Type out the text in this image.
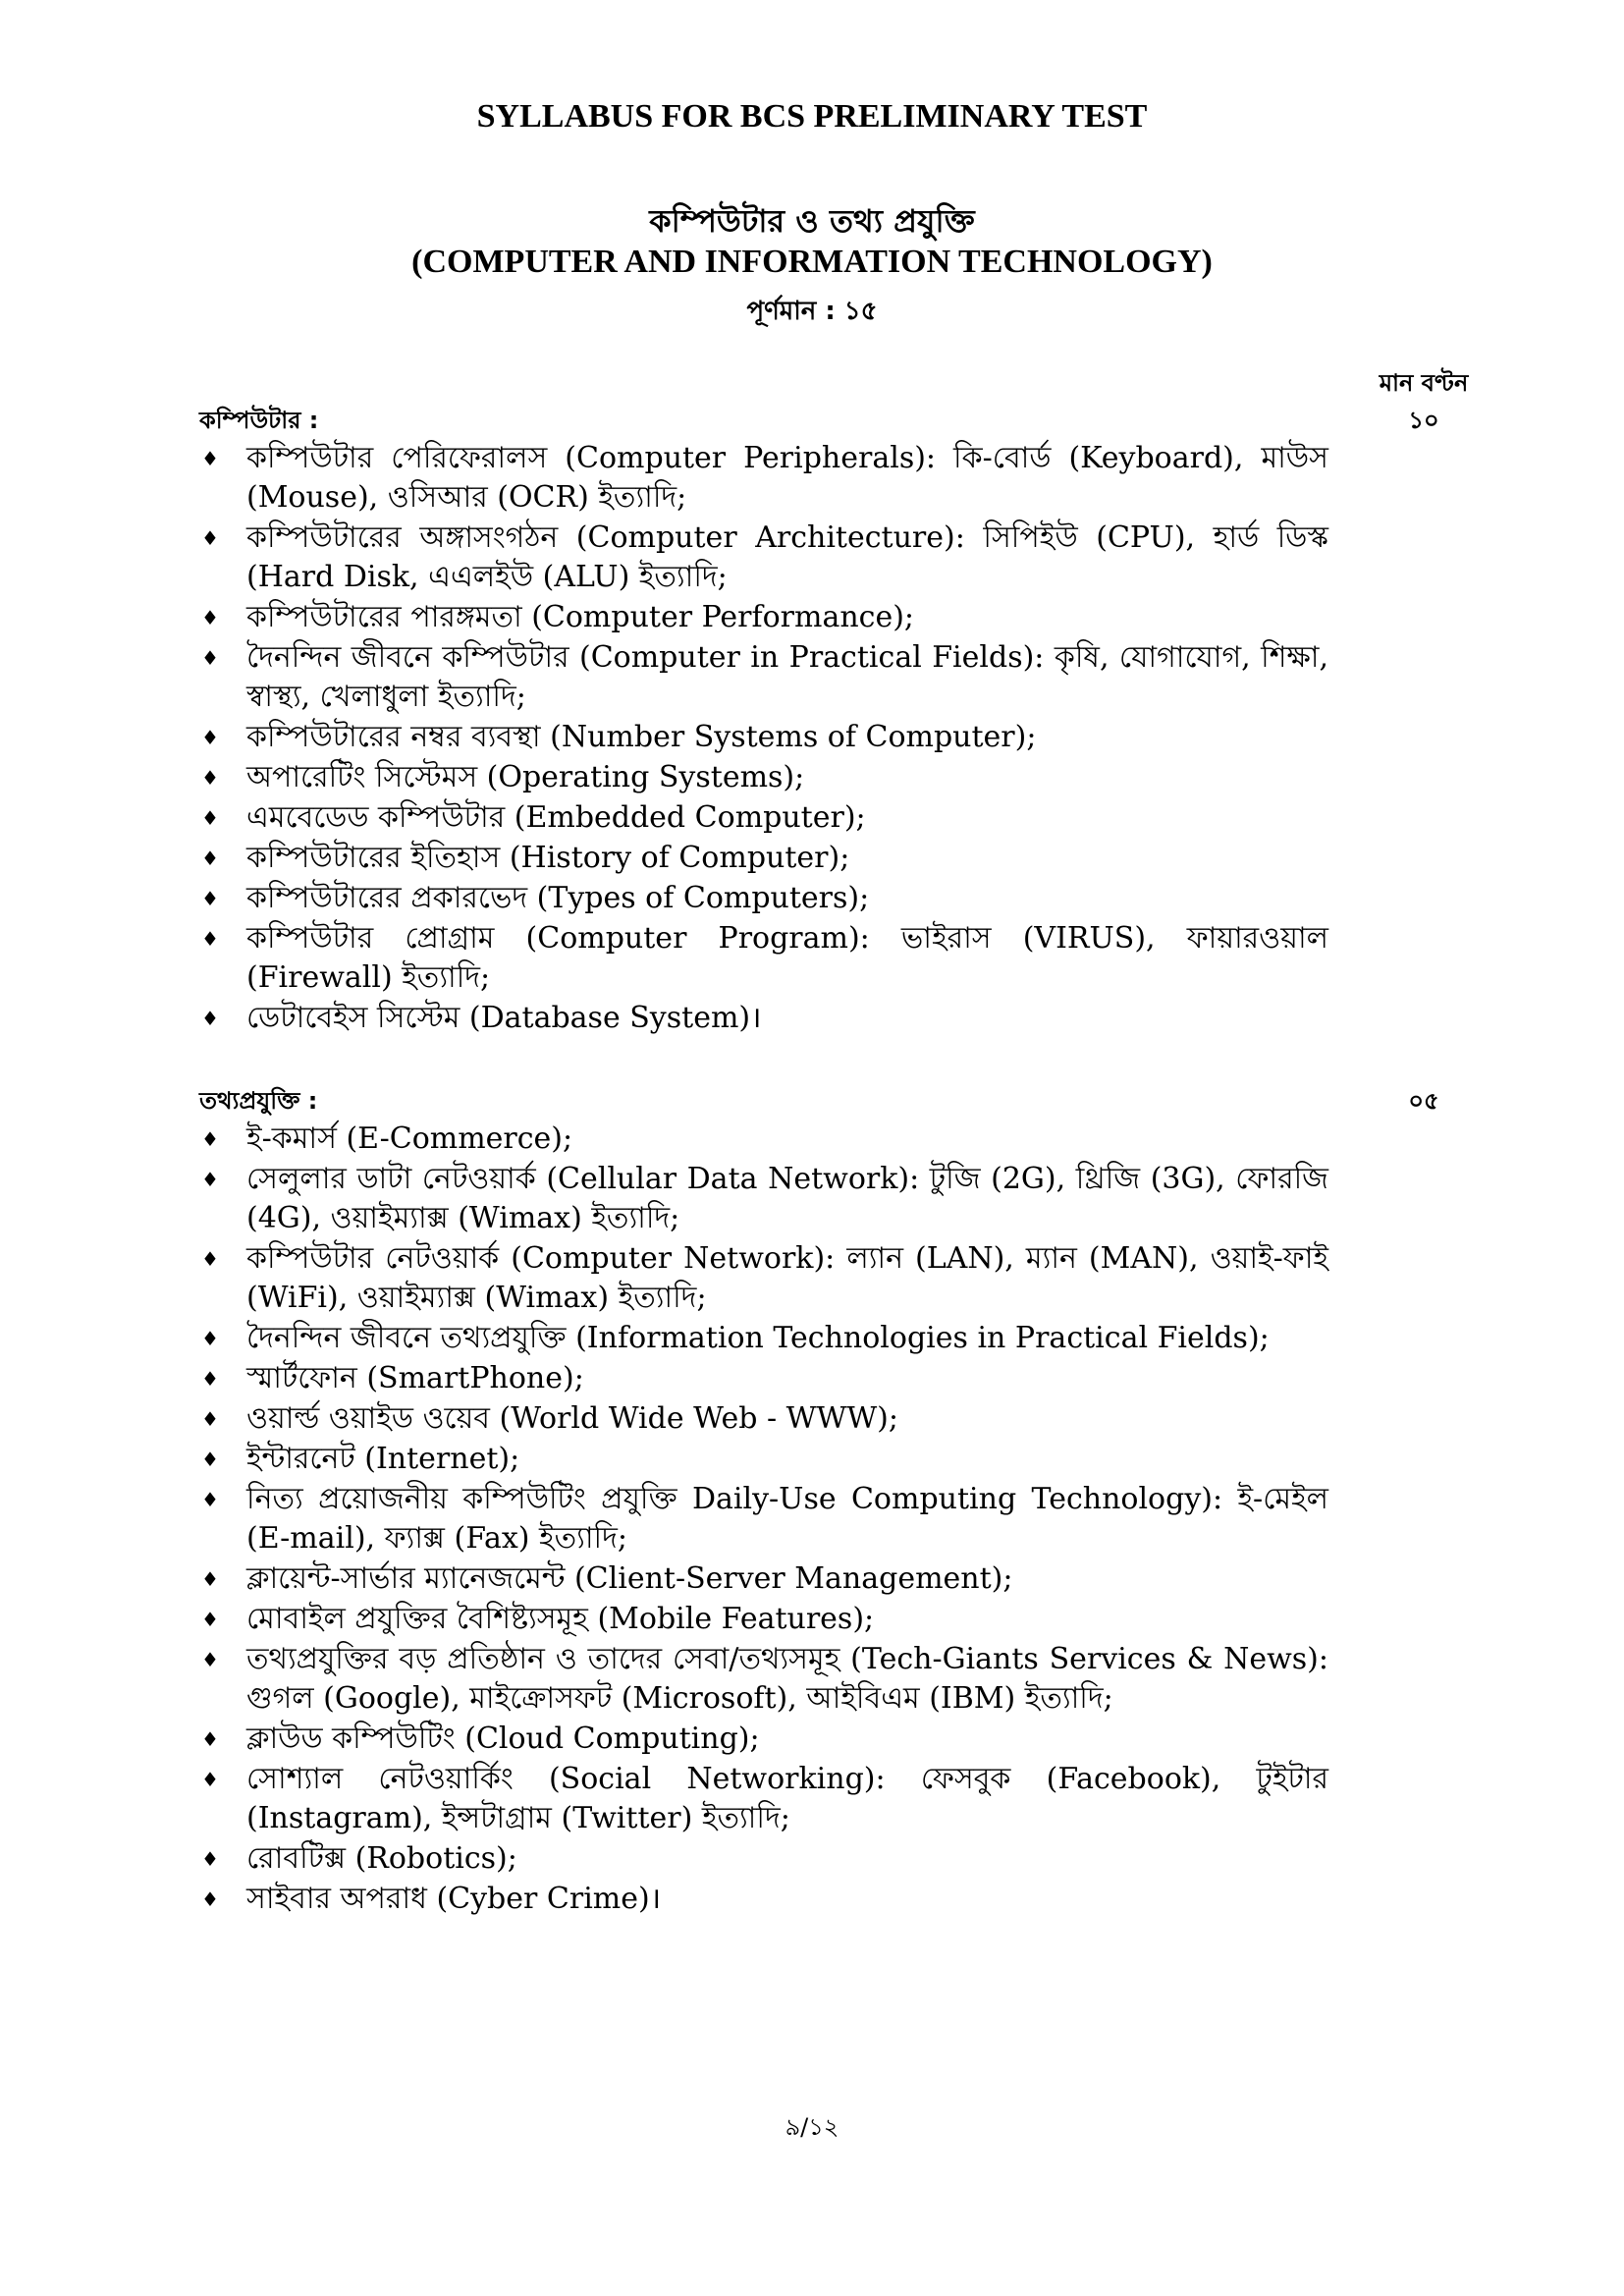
SYLLABUS FOR BCS PRELIMINARY TEST
কম্পিউটার ও তথ্য প্রযুক্তি
(COMPUTER AND INFORMATION TECHNOLOGY)
পূর্ণমান : ১৫
মান বণ্টন
কম্পিউটার :	১০
♦ কম্পিউটার পেরিফেরালস (Computer Peripherals): কি-বোর্ড (Keyboard), মাউস (Mouse), ওসিআর (OCR) ইত্যাদি;
♦ কম্পিউটারের অঙ্গাসংগঠন (Computer Architecture): সিপিইউ (CPU), হার্ড ডিস্ক (Hard Disk, এএলইউ (ALU) ইত্যাদি;
♦ কম্পিউটারের পারঙ্গমতা (Computer Performance);
♦ দৈনন্দিন জীবনে কম্পিউটার (Computer in Practical Fields): কৃষি, যোগাযোগ, শিক্ষা, স্বাস্থ্য, খেলাধুলা ইত্যাদি;
♦ কম্পিউটারের নম্বর ব্যবস্থা (Number Systems of Computer);
♦ অপারেটিং সিস্টেমস (Operating Systems);
♦ এমবেডেড কম্পিউটার (Embedded Computer);
♦ কম্পিউটারের ইতিহাস (History of Computer);
♦ কম্পিউটারের প্রকারভেদ (Types of Computers);
♦ কম্পিউটার প্রোগ্রাম (Computer Program): ভাইরাস (VIRUS), ফায়ারওয়াল (Firewall) ইত্যাদি;
♦ ডেটাবেইস সিস্টেম (Database System)।
তথ্যপ্রযুক্তি :	০৫
♦ ই-কমার্স (E-Commerce);
♦ সেলুলার ডাটা নেটওয়ার্ক (Cellular Data Network): টুজি (2G), থ্রিজি (3G), ফোরজি (4G), ওয়াইম্যাক্স (Wimax) ইত্যাদি;
♦ কম্পিউটার নেটওয়ার্ক (Computer Network): ল্যান (LAN), ম্যান (MAN), ওয়াই-ফাই (WiFi), ওয়াইম্যাক্স (Wimax) ইত্যাদি;
♦ দৈনন্দিন জীবনে তথ্যপ্রযুক্তি (Information Technologies in Practical Fields);
♦ স্মার্টফোন (SmartPhone);
♦ ওয়ার্ল্ড ওয়াইড ওয়েব (World Wide Web - WWW);
♦ ইন্টারনেট (Internet);
♦ নিত্য প্রয়োজনীয় কম্পিউটিং প্রযুক্তি Daily-Use Computing Technology): ই-মেইল (E-mail), ফ্যাক্স (Fax) ইত্যাদি;
♦ ক্লায়েন্ট-সার্ভার ম্যানেজমেন্ট (Client-Server Management);
♦ মোবাইল প্রযুক্তির বৈশিষ্ট্যসমূহ (Mobile Features);
♦ তথ্যপ্রযুক্তির বড় প্রতিষ্ঠান ও তাদের সেবা/তথ্যসমূহ (Tech-Giants Services & News): গুগল (Google), মাইক্রোসফট (Microsoft), আইবিএম (IBM) ইত্যাদি;
♦ ক্লাউড কম্পিউটিং (Cloud Computing);
♦ সোশ্যাল নেটওয়ার্কিং (Social Networking): ফেসবুক (Facebook), টুইটার (Instagram), ইন্সটাগ্রাম (Twitter) ইত্যাদি;
♦ রোবটিক্স (Robotics);
♦ সাইবার অপরাধ (Cyber Crime)।
৯/১২
